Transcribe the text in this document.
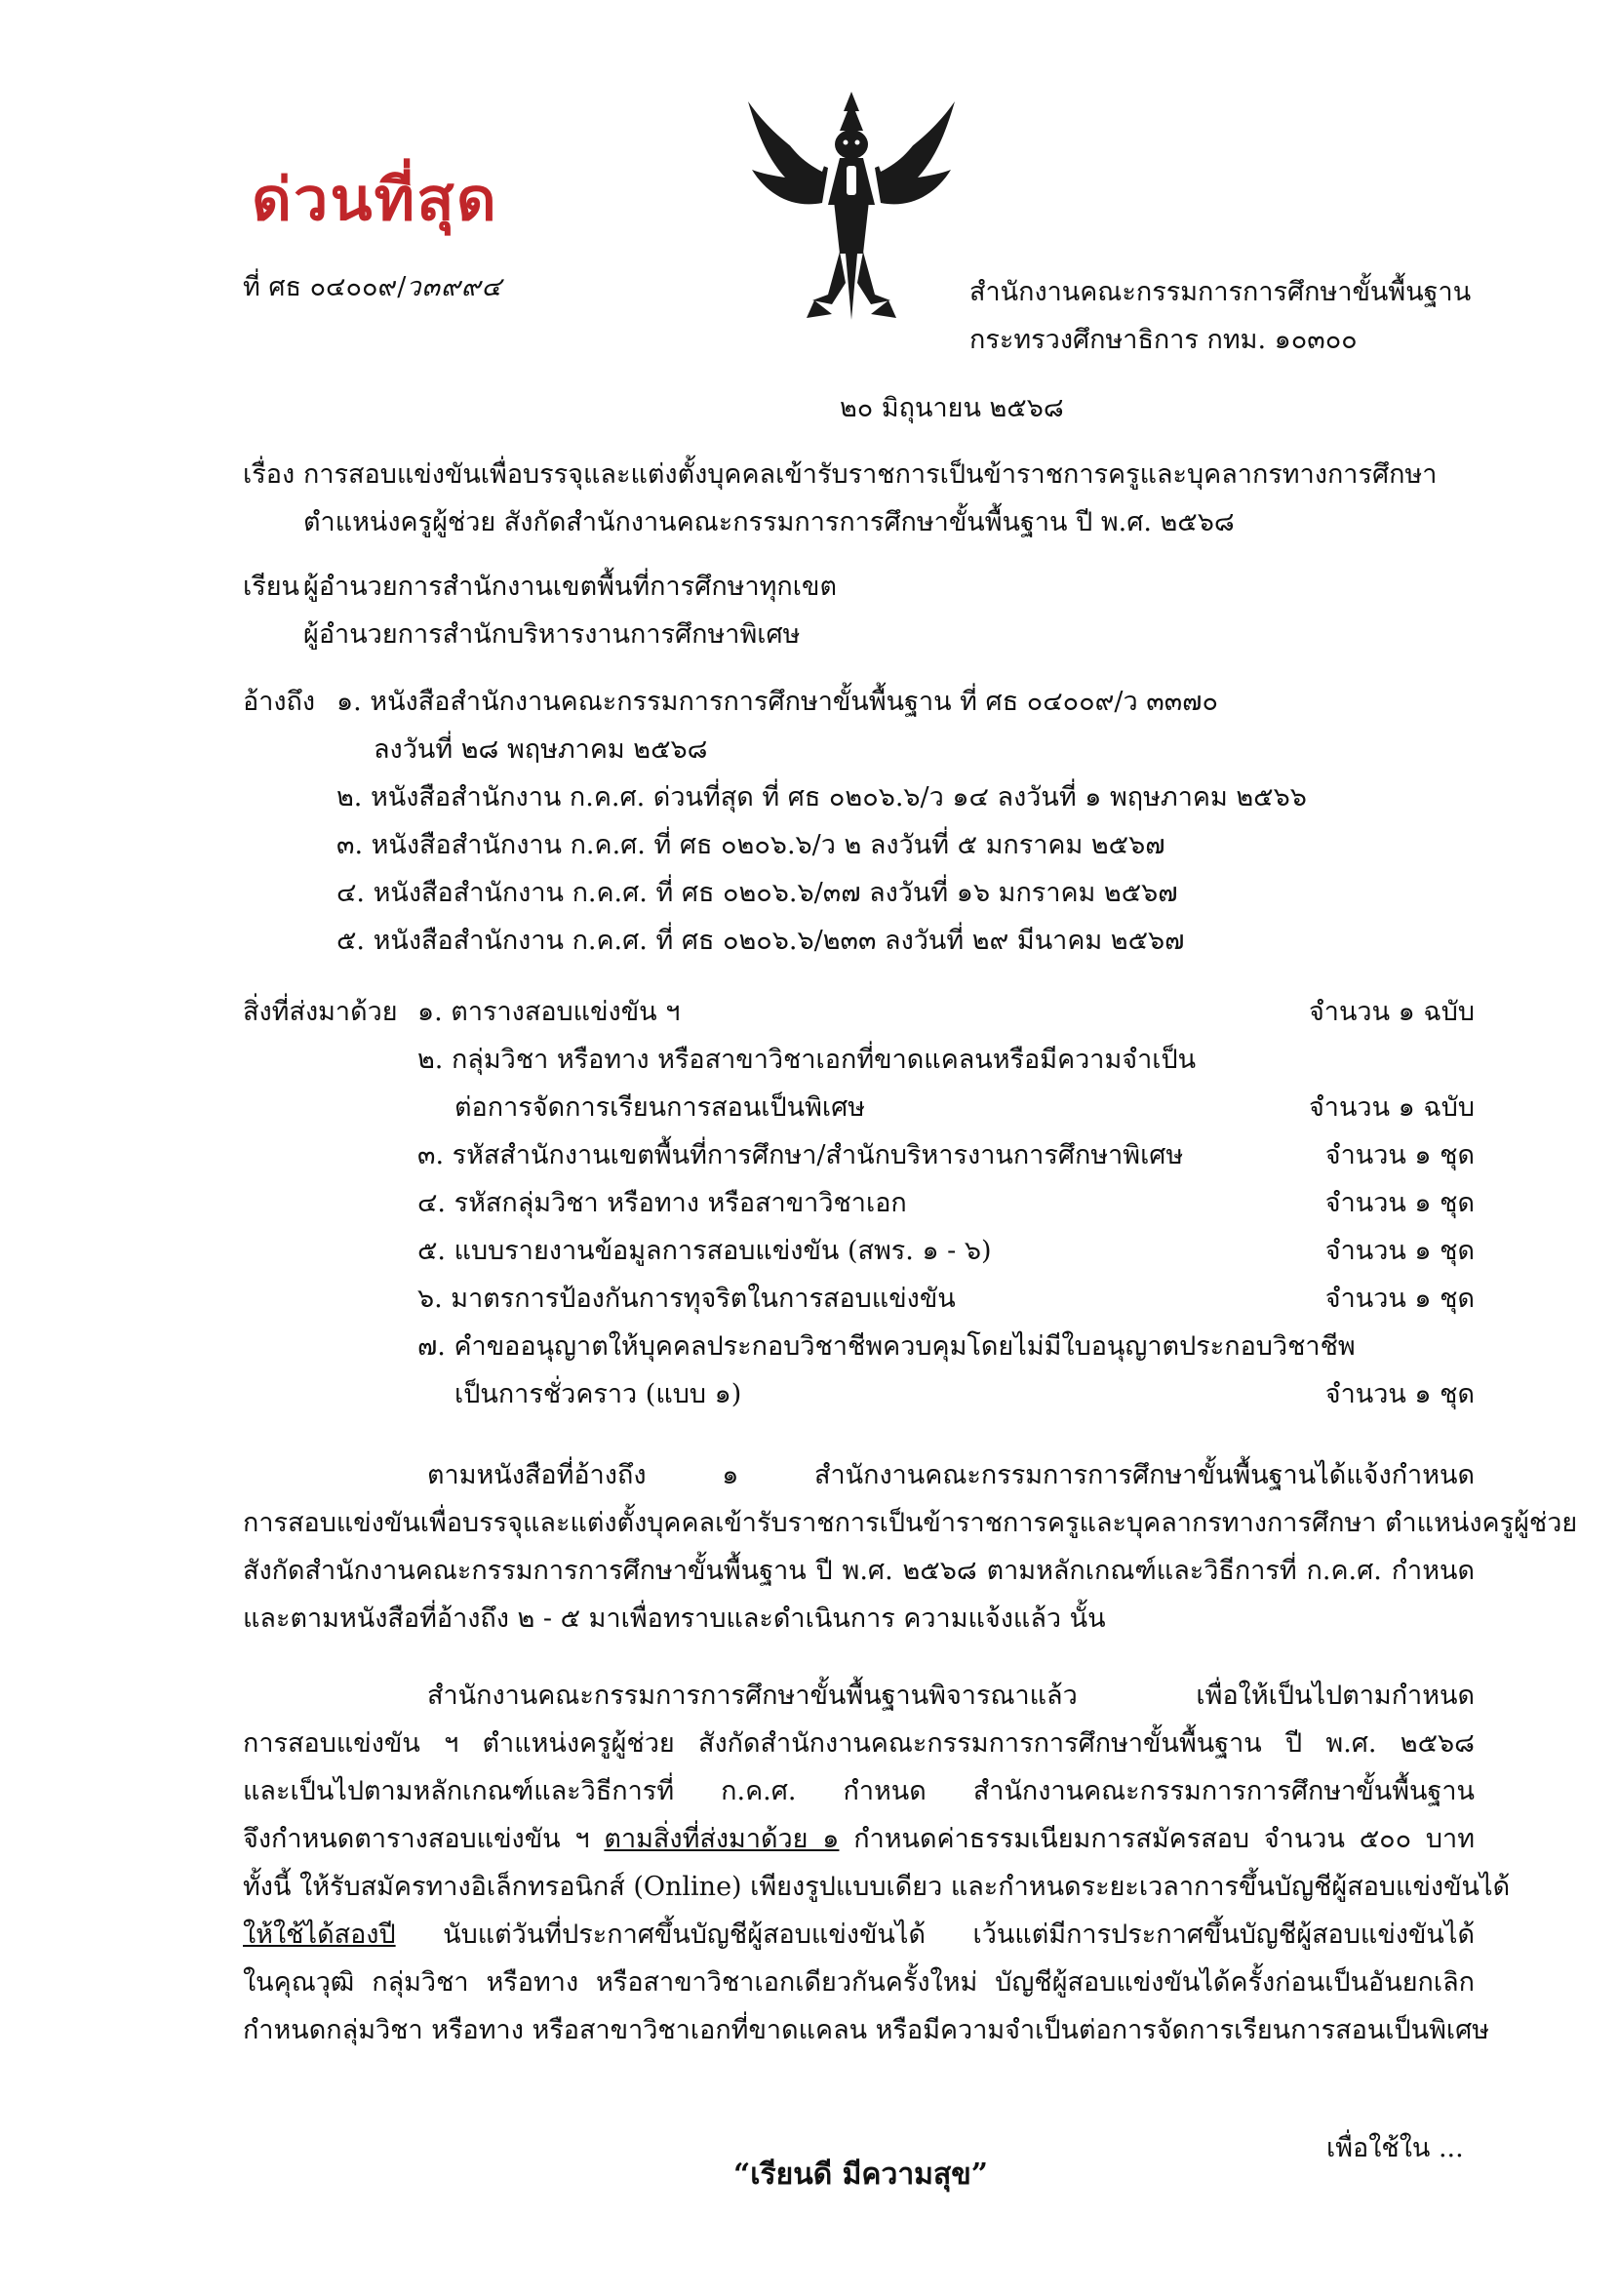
ด่วนที่สุด
ที่ ศธ ๐๔๐๐๙/ว๓๙๙๔	สำนักงานคณะกรรมการการศึกษาขั้นพื้นฐาน
กระทรวงศึกษาธิการ กทม. ๑๐๓๐๐
๒๐ มิถุนายน ๒๕๖๘
เรื่อง การสอบแข่งขันเพื่อบรรจุและแต่งตั้งบุคคลเข้ารับราชการเป็นข้าราชการครูและบุคลากรทางการศึกษา
ตำแหน่งครูผู้ช่วย สังกัดสำนักงานคณะกรรมการการศึกษาขั้นพื้นฐาน ปี พ.ศ. ๒๕๖๘
เรียน ผู้อำนวยการสำนักงานเขตพื้นที่การศึกษาทุกเขต
ผู้อำนวยการสำนักบริหารงานการศึกษาพิเศษ
อ้างถึง ๑. หนังสือสำนักงานคณะกรรมการการศึกษาขั้นพื้นฐาน ที่ ศธ ๐๔๐๐๙/ว ๓๓๗๐
ลงวันที่ ๒๘ พฤษภาคม ๒๕๖๘
๒. หนังสือสำนักงาน ก.ค.ศ. ด่วนที่สุด ที่ ศธ ๐๒๐๖.๖/ว ๑๔ ลงวันที่ ๑ พฤษภาคม ๒๕๖๖
๓. หนังสือสำนักงาน ก.ค.ศ. ที่ ศธ ๐๒๐๖.๖/ว ๒ ลงวันที่ ๕ มกราคม ๒๕๖๗
๔. หนังสือสำนักงาน ก.ค.ศ. ที่ ศธ ๐๒๐๖.๖/๓๗ ลงวันที่ ๑๖ มกราคม ๒๕๖๗
๕. หนังสือสำนักงาน ก.ค.ศ. ที่ ศธ ๐๒๐๖.๖/๒๓๓ ลงวันที่ ๒๙ มีนาคม ๒๕๖๗
สิ่งที่ส่งมาด้วย ๑. ตารางสอบแข่งขัน ฯ	จำนวน ๑ ฉบับ
๒. กลุ่มวิชา หรือทาง หรือสาขาวิชาเอกที่ขาดแคลนหรือมีความจำเป็น
ต่อการจัดการเรียนการสอนเป็นพิเศษ	จำนวน ๑ ฉบับ
๓. รหัสสำนักงานเขตพื้นที่การศึกษา/สำนักบริหารงานการศึกษาพิเศษ	จำนวน ๑ ชุด
๔. รหัสกลุ่มวิชา หรือทาง หรือสาขาวิชาเอก	จำนวน ๑ ชุด
๕. แบบรายงานข้อมูลการสอบแข่งขัน (สพร. ๑ - ๖)	จำนวน ๑ ชุด
๖. มาตรการป้องกันการทุจริตในการสอบแข่งขัน	จำนวน ๑ ชุด
๗. คำขออนุญาตให้บุคคลประกอบวิชาชีพควบคุมโดยไม่มีใบอนุญาตประกอบวิชาชีพ
เป็นการชั่วคราว (แบบ ๑)	จำนวน ๑ ชุด

ตามหนังสือที่อ้างถึง ๑ สำนักงานคณะกรรมการการศึกษาขั้นพื้นฐานได้แจ้งกำหนด

การสอบแข่งขันเพื่อบรรจุและแต่งตั้งบุคคลเข้ารับราชการเป็นข้าราชการครูและบุคลากรทางการศึกษา ตำแหน่งครูผู้ช่วย

สังกัดสำนักงานคณะกรรมการการศึกษาขั้นพื้นฐาน ปี พ.ศ. ๒๕๖๘ ตามหลักเกณฑ์และวิธีการที่ ก.ค.ศ. กำหนด

และตามหนังสือที่อ้างถึง ๒ - ๕ มาเพื่อทราบและดำเนินการ ความแจ้งแล้ว นั้น

สำนักงานคณะกรรมการการศึกษาขั้นพื้นฐานพิจารณาแล้ว เพื่อให้เป็นไปตามกำหนด

การสอบแข่งขัน ฯ ตำแหน่งครูผู้ช่วย สังกัดสำนักงานคณะกรรมการการศึกษาขั้นพื้นฐาน ปี พ.ศ. ๒๕๖๘

และเป็นไปตามหลักเกณฑ์และวิธีการที่ ก.ค.ศ. กำหนด สำนักงานคณะกรรมการการศึกษาขั้นพื้นฐาน

จึงกำหนดตารางสอบแข่งขัน ฯ ตามสิ่งที่ส่งมาด้วย ๑ กำหนดค่าธรรมเนียมการสมัครสอบ จำนวน ๕๐๐ บาท

ทั้งนี้ ให้รับสมัครทางอิเล็กทรอนิกส์ (Online) เพียงรูปแบบเดียว และกำหนดระยะเวลาการขึ้นบัญชีผู้สอบแข่งขันได้

ให้ใช้ได้สองปี นับแต่วันที่ประกาศขึ้นบัญชีผู้สอบแข่งขันได้ เว้นแต่มีการประกาศขึ้นบัญชีผู้สอบแข่งขันได้

ในคุณวุฒิ กลุ่มวิชา หรือทาง หรือสาขาวิชาเอกเดียวกันครั้งใหม่ บัญชีผู้สอบแข่งขันได้ครั้งก่อนเป็นอันยกเลิก

กำหนดกลุ่มวิชา หรือทาง หรือสาขาวิชาเอกที่ขาดแคลน หรือมีความจำเป็นต่อการจัดการเรียนการสอนเป็นพิเศษ

เพื่อใช้ใน ...
“เรียนดี มีความสุข”
